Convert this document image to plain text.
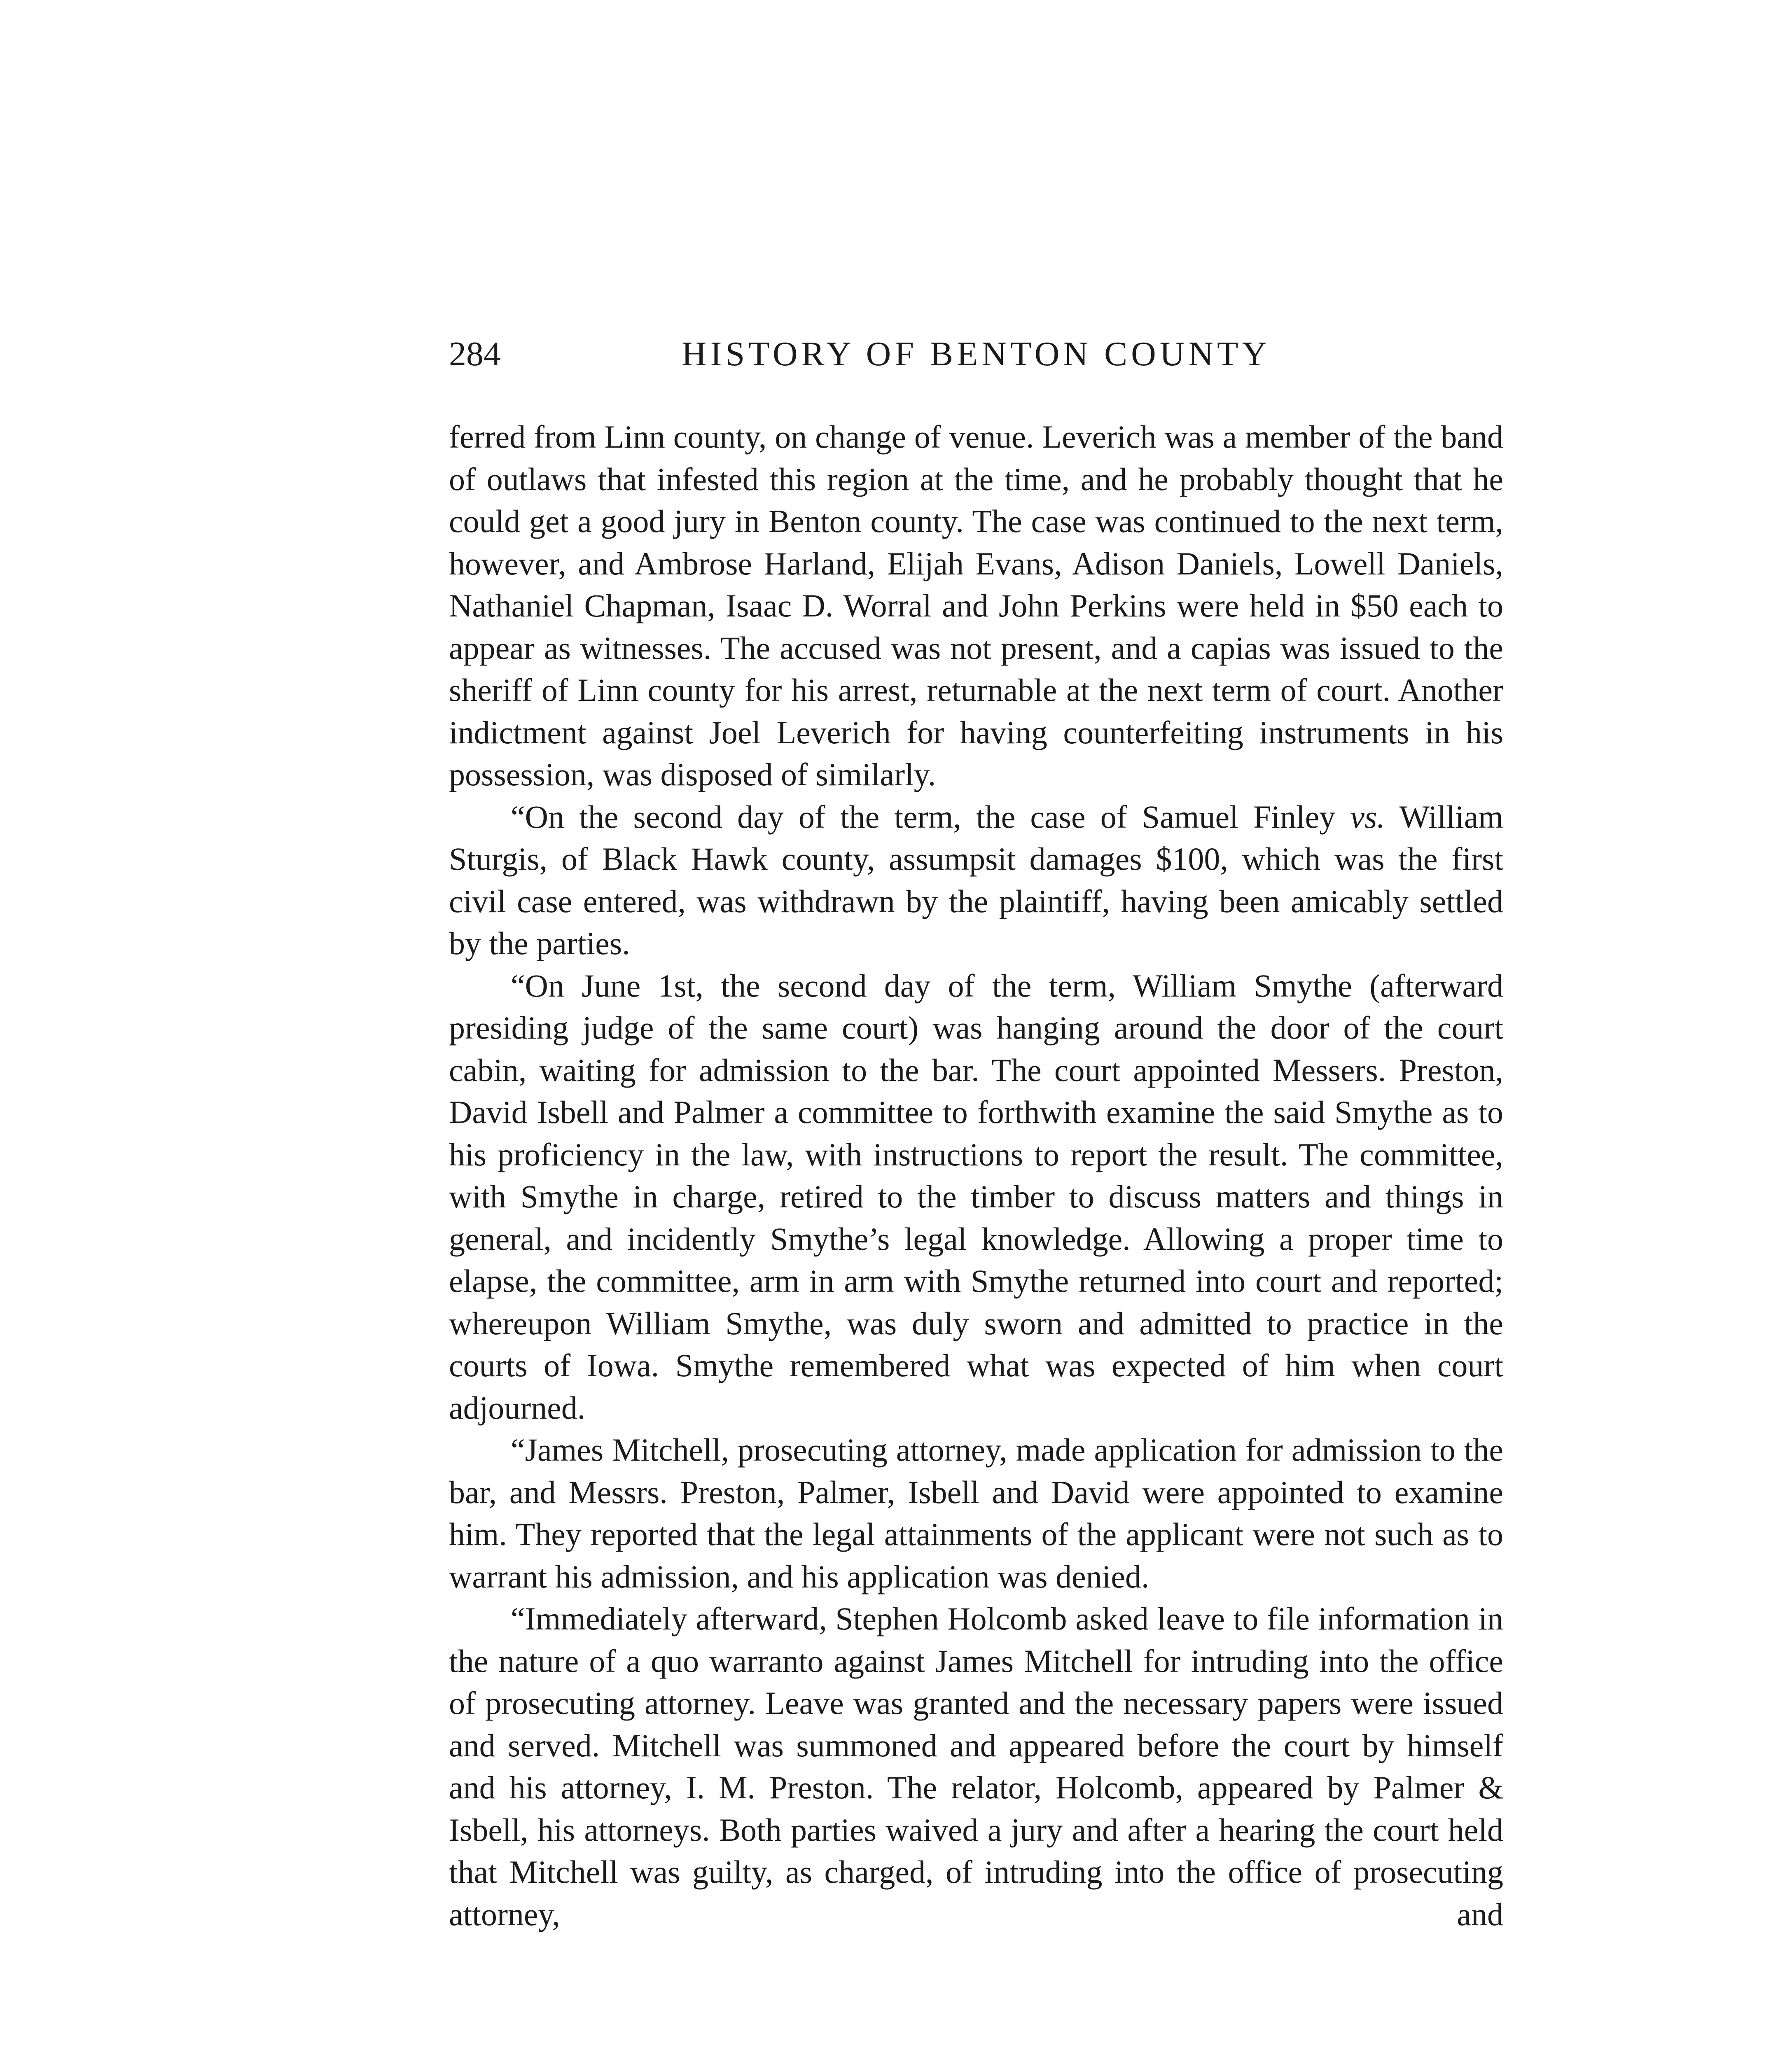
284	HISTORY OF BENTON COUNTY

ferred from Linn county, on change of venue. Leverich was a member of the band of outlaws that infested this region at the time, and he probably thought that he could get a good jury in Benton county. The case was continued to the next term, however, and Ambrose Harland, Elijah Evans, Adison Daniels, Lowell Daniels, Nathaniel Chapman, Isaac D. Worral and John Perkins were held in $50 each to appear as witnesses. The accused was not present, and a capias was issued to the sheriff of Linn county for his arrest, returnable at the next term of court. Another indictment against Joel Leverich for having counterfeiting instruments in his possession, was disposed of similarly.

“On the second day of the term, the case of Samuel Finley vs. William Sturgis, of Black Hawk county, assumpsit damages $100, which was the first civil case entered, was withdrawn by the plaintiff, having been amicably settled by the parties.

“On June 1st, the second day of the term, William Smythe (afterward presiding judge of the same court) was hanging around the door of the court cabin, waiting for admission to the bar. The court appointed Messers. Preston, David Isbell and Palmer a committee to forthwith examine the said Smythe as to his proficiency in the law, with instructions to report the result. The committee, with Smythe in charge, retired to the timber to discuss matters and things in general, and incidently Smythe’s legal knowledge. Allowing a proper time to elapse, the committee, arm in arm with Smythe returned into court and reported; whereupon William Smythe, was duly sworn and admitted to practice in the courts of Iowa. Smythe remembered what was expected of him when court adjourned.

“James Mitchell, prosecuting attorney, made application for admission to the bar, and Messrs. Preston, Palmer, Isbell and David were appointed to examine him. They reported that the legal attainments of the applicant were not such as to warrant his admission, and his application was denied.

“Immediately afterward, Stephen Holcomb asked leave to file information in the nature of a quo warranto against James Mitchell for intruding into the office of prosecuting attorney. Leave was granted and the necessary papers were issued and served. Mitchell was summoned and appeared before the court by himself and his attorney, I. M. Preston. The relator, Holcomb, appeared by Palmer & Isbell, his attorneys. Both parties waived a jury and after a hearing the court held that Mitchell was guilty, as charged, of intruding into the office of prosecuting attorney, and
